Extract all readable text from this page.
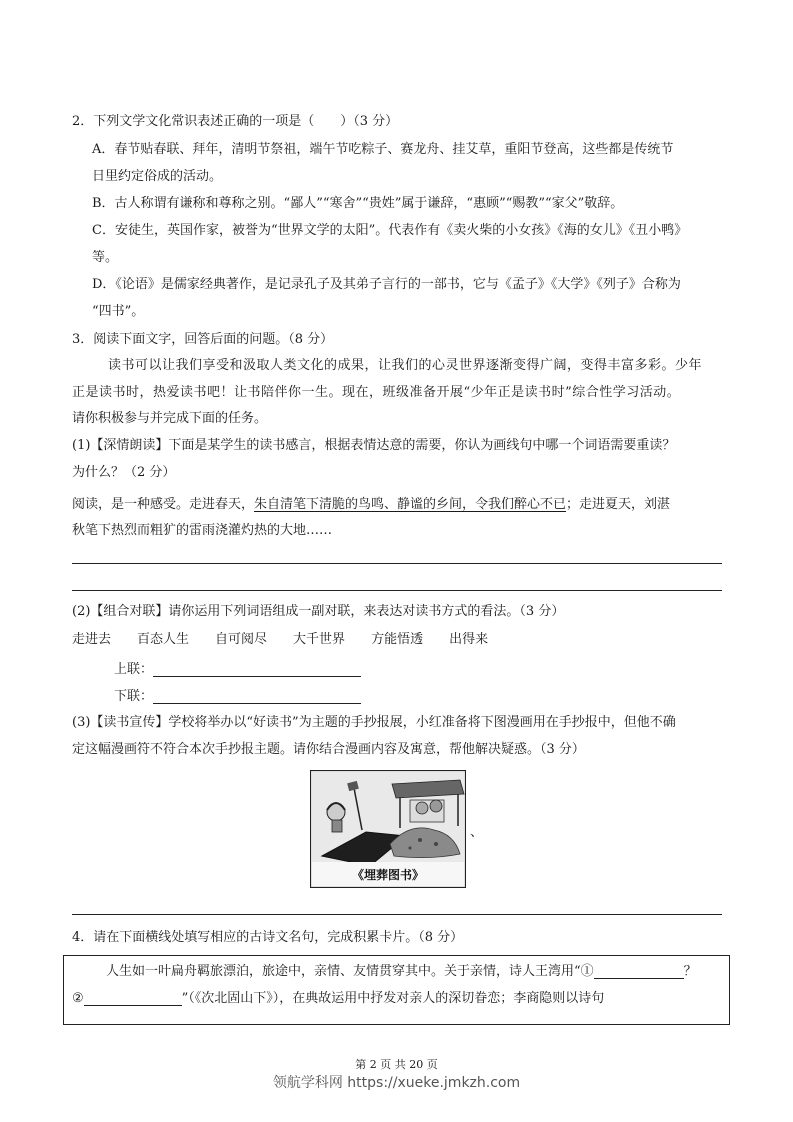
2．下列文学文化常识表述正确的一项是（　　）（3 分）
A．春节贴春联、拜年，清明节祭祖，端午节吃粽子、赛龙舟、挂艾草，重阳节登高，这些都是传统节
日里约定俗成的活动。
B．古人称谓有谦称和尊称之别。“鄙人”“寒舍”“贵姓”属于谦辞，“惠顾”“赐教”“家父”敬辞。
C．安徒生，英国作家，被誉为“世界文学的太阳”。代表作有《卖火柴的小女孩》《海的女儿》《丑小鸭》
等。
D．《论语》是儒家经典著作，是记录孔子及其弟子言行的一部书，它与《孟子》《大学》《列子》合称为
“四书”。
3．阅读下面文字，回答后面的问题。（8 分）
读书可以让我们享受和汲取人类文化的成果，让我们的心灵世界逐渐变得广阔，变得丰富多彩。少年
正是读书时，热爱读书吧！让书陪伴你一生。现在，班级准备开展“少年正是读书时”综合性学习活动。
请你积极参与并完成下面的任务。
(1)【深情朗读】下面是某学生的读书感言，根据表情达意的需要，你认为画线句中哪一个词语需要重读？
为什么？（2 分）
阅读，是一种感受。走进春天，朱自清笔下清脆的鸟鸣、静谧的乡间，令我们醉心不已；走进夏天，刘湛
秋笔下热烈而粗犷的雷雨浇灌灼热的大地……
(2)【组合对联】请你运用下列词语组成一副对联，来表达对读书方式的看法。（3 分）
走进去 百态人生 自可阅尽 大千世界 方能悟透 出得来
上联：
下联：
(3)【读书宣传】学校将举办以“好读书”为主题的手抄报展，小红准备将下图漫画用在手抄报中，但他不确
定这幅漫画符不符合本次手抄报主题。请你结合漫画内容及寓意，帮他解决疑惑。（3 分）
《埋葬图书》
、
4．请在下面横线处填写相应的古诗文名句，完成积累卡片。（8 分）
人生如一叶扁舟羁旅漂泊，旅途中，亲情、友情贯穿其中。关于亲情，诗人王湾用“①	？
②	”（《次北固山下》），在典故运用中抒发对亲人的深切眷恋；李商隐则以诗句
第 2 页 共 20 页
领航学科网 https://xueke.jmkzh.com
